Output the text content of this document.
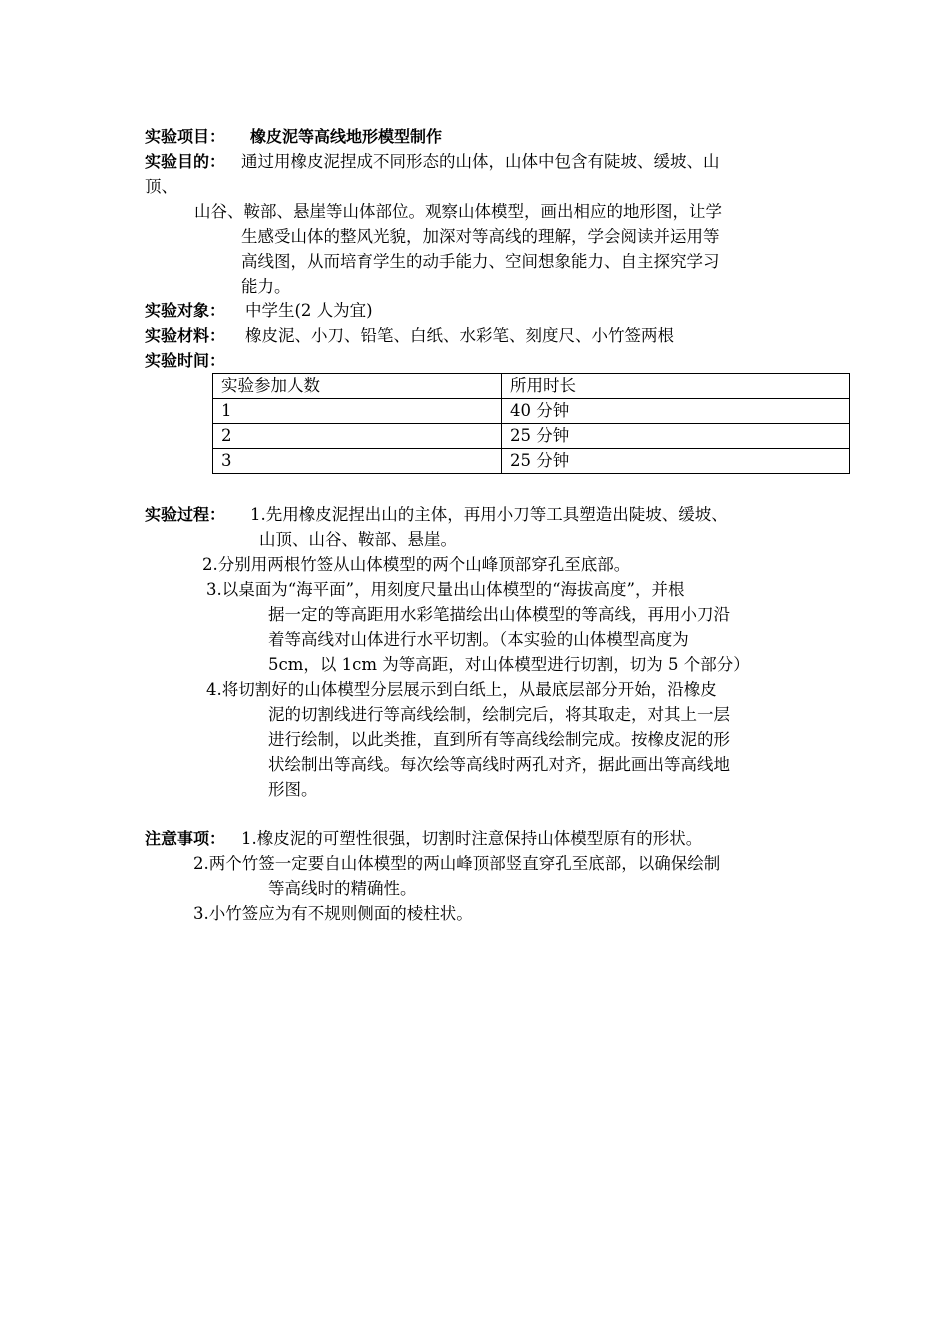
实验项目： 橡皮泥等高线地形模型制作
实验目的： 通过用橡皮泥捏成不同形态的山体，山体中包含有陡坡、缓坡、山
顶、
山谷、鞍部、悬崖等山体部位。观察山体模型，画出相应的地形图，让学
生感受山体的整风光貌，加深对等高线的理解，学会阅读并运用等
高线图，从而培育学生的动手能力、空间想象能力、自主探究学习
能力。
实验对象： 中学生(2 人为宜)
实验材料： 橡皮泥、小刀、铅笔、白纸、水彩笔、刻度尺、小竹签两根
实验时间：
实验参加人数	所用时长
1	40 分钟
2	25 分钟
3	25 分钟
实验过程： 1.先用橡皮泥捏出山的主体，再用小刀等工具塑造出陡坡、缓坡、
山顶、山谷、鞍部、悬崖。
2.分别用两根竹签从山体模型的两个山峰顶部穿孔至底部。
3.以桌面为“海平面”，用刻度尺量出山体模型的“海拔高度”，并根
据一定的等高距用水彩笔描绘出山体模型的等高线，再用小刀沿
着等高线对山体进行水平切割。（本实验的山体模型高度为
5cm，以 1cm 为等高距，对山体模型进行切割，切为 5 个部分）
4.将切割好的山体模型分层展示到白纸上，从最底层部分开始，沿橡皮
泥的切割线进行等高线绘制，绘制完后，将其取走，对其上一层
进行绘制，以此类推，直到所有等高线绘制完成。按橡皮泥的形
状绘制出等高线。每次绘等高线时两孔对齐，据此画出等高线地
形图。
注意事项： 1.橡皮泥的可塑性很强，切割时注意保持山体模型原有的形状。
2.两个竹签一定要自山体模型的两山峰顶部竖直穿孔至底部，以确保绘制
等高线时的精确性。
3.小竹签应为有不规则侧面的棱柱状。
